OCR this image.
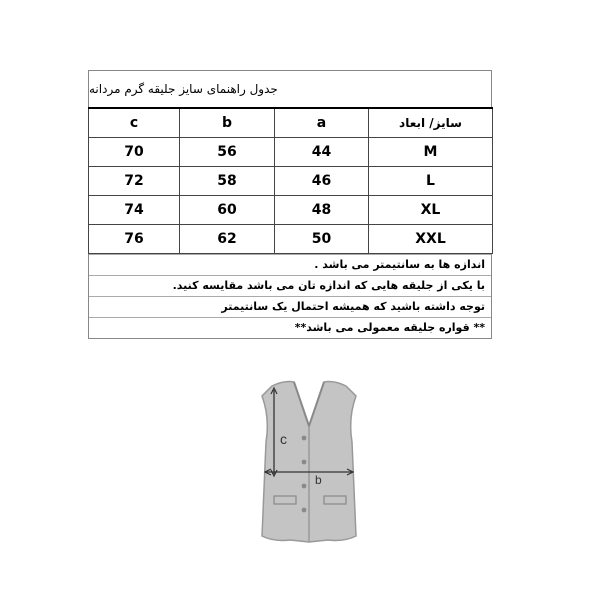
جدول راهنمای سایز جلیقه گرم مردانه
c	b	a	سایز/ ابعاد
70	56	44	M
72	58	46	L
74	60	48	XL
76	62	50	XXL
اندازه ها به سانتیمتر می باشد .
با یکی از جلیقه هایی که اندازه تان می باشد مقایسه کنید.
توجه داشته باشید که همیشه احتمال یک سانتیمتر
** قواره جلیقه معمولی می باشد**
c
b
